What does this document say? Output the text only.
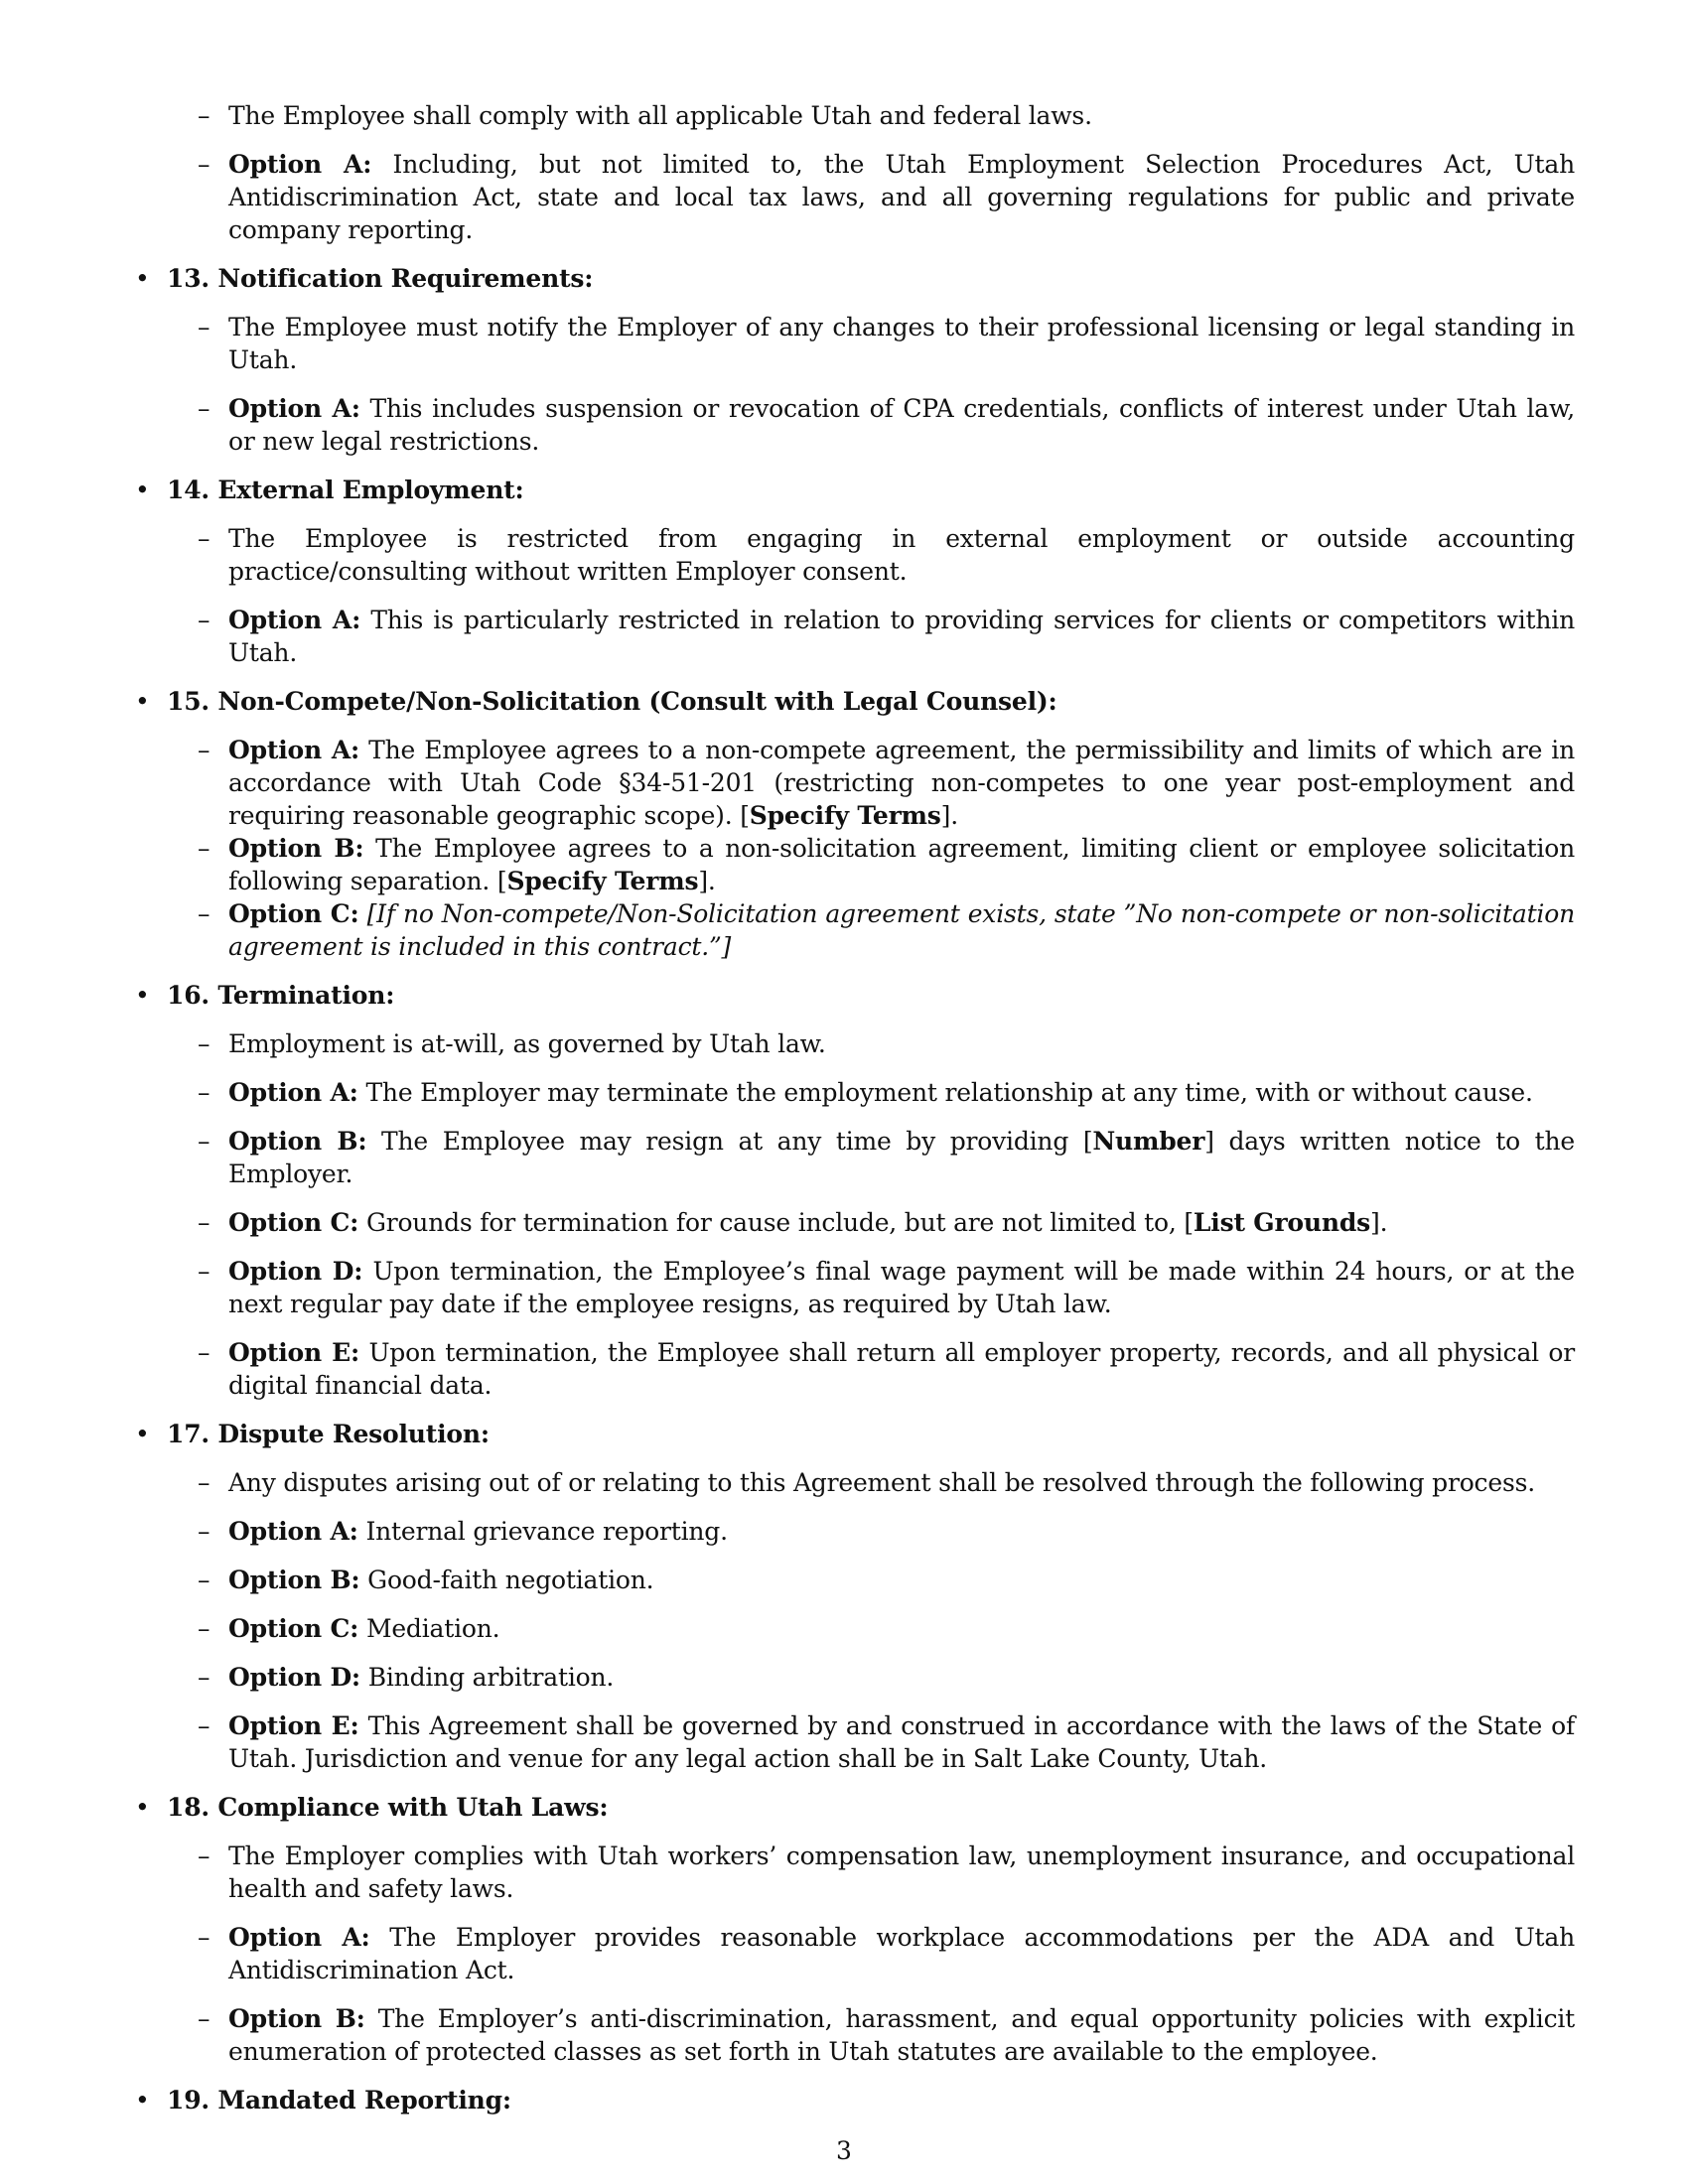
– The Employee shall comply with all applicable Utah and federal laws.
– Option A: Including, but not limited to, the Utah Employment Selection Procedures Act, Utah Antidiscrimination Act, state and local tax laws, and all governing regulations for public and private company reporting.
• 13. Notification Requirements:
– The Employee must notify the Employer of any changes to their professional licensing or legal standing in Utah.
– Option A: This includes suspension or revocation of CPA credentials, conflicts of interest under Utah law, or new legal restrictions.
• 14. External Employment:
– The Employee is restricted from engaging in external employment or outside accounting practice/consulting without written Employer consent.
– Option A: This is particularly restricted in relation to providing services for clients or competitors within Utah.
• 15. Non-Compete/Non-Solicitation (Consult with Legal Counsel):
– Option A: The Employee agrees to a non-compete agreement, the permissibility and limits of which are in accordance with Utah Code §34-51-201 (restricting non-competes to one year post-employment and requiring reasonable geographic scope). [Specify Terms].
– Option B: The Employee agrees to a non-solicitation agreement, limiting client or employee solicitation following separation. [Specify Terms].
– Option C: [If no Non-compete/Non-Solicitation agreement exists, state ”No non-compete or non-solicitation agreement is included in this contract.”]
• 16. Termination:
– Employment is at-will, as governed by Utah law.
– Option A: The Employer may terminate the employment relationship at any time, with or without cause.
– Option B: The Employee may resign at any time by providing [Number] days written notice to the Employer.
– Option C: Grounds for termination for cause include, but are not limited to, [List Grounds].
– Option D: Upon termination, the Employee’s final wage payment will be made within 24 hours, or at the next regular pay date if the employee resigns, as required by Utah law.
– Option E: Upon termination, the Employee shall return all employer property, records, and all physical or digital financial data.
• 17. Dispute Resolution:
– Any disputes arising out of or relating to this Agreement shall be resolved through the following process.
– Option A: Internal grievance reporting.
– Option B: Good-faith negotiation.
– Option C: Mediation.
– Option D: Binding arbitration.
– Option E: This Agreement shall be governed by and construed in accordance with the laws of the State of Utah. Jurisdiction and venue for any legal action shall be in Salt Lake County, Utah.
• 18. Compliance with Utah Laws:
– The Employer complies with Utah workers’ compensation law, unemployment insurance, and occupational health and safety laws.
– Option A: The Employer provides reasonable workplace accommodations per the ADA and Utah Antidiscrimination Act.
– Option B: The Employer’s anti-discrimination, harassment, and equal opportunity policies with explicit enumeration of protected classes as set forth in Utah statutes are available to the employee.
• 19. Mandated Reporting:
3
